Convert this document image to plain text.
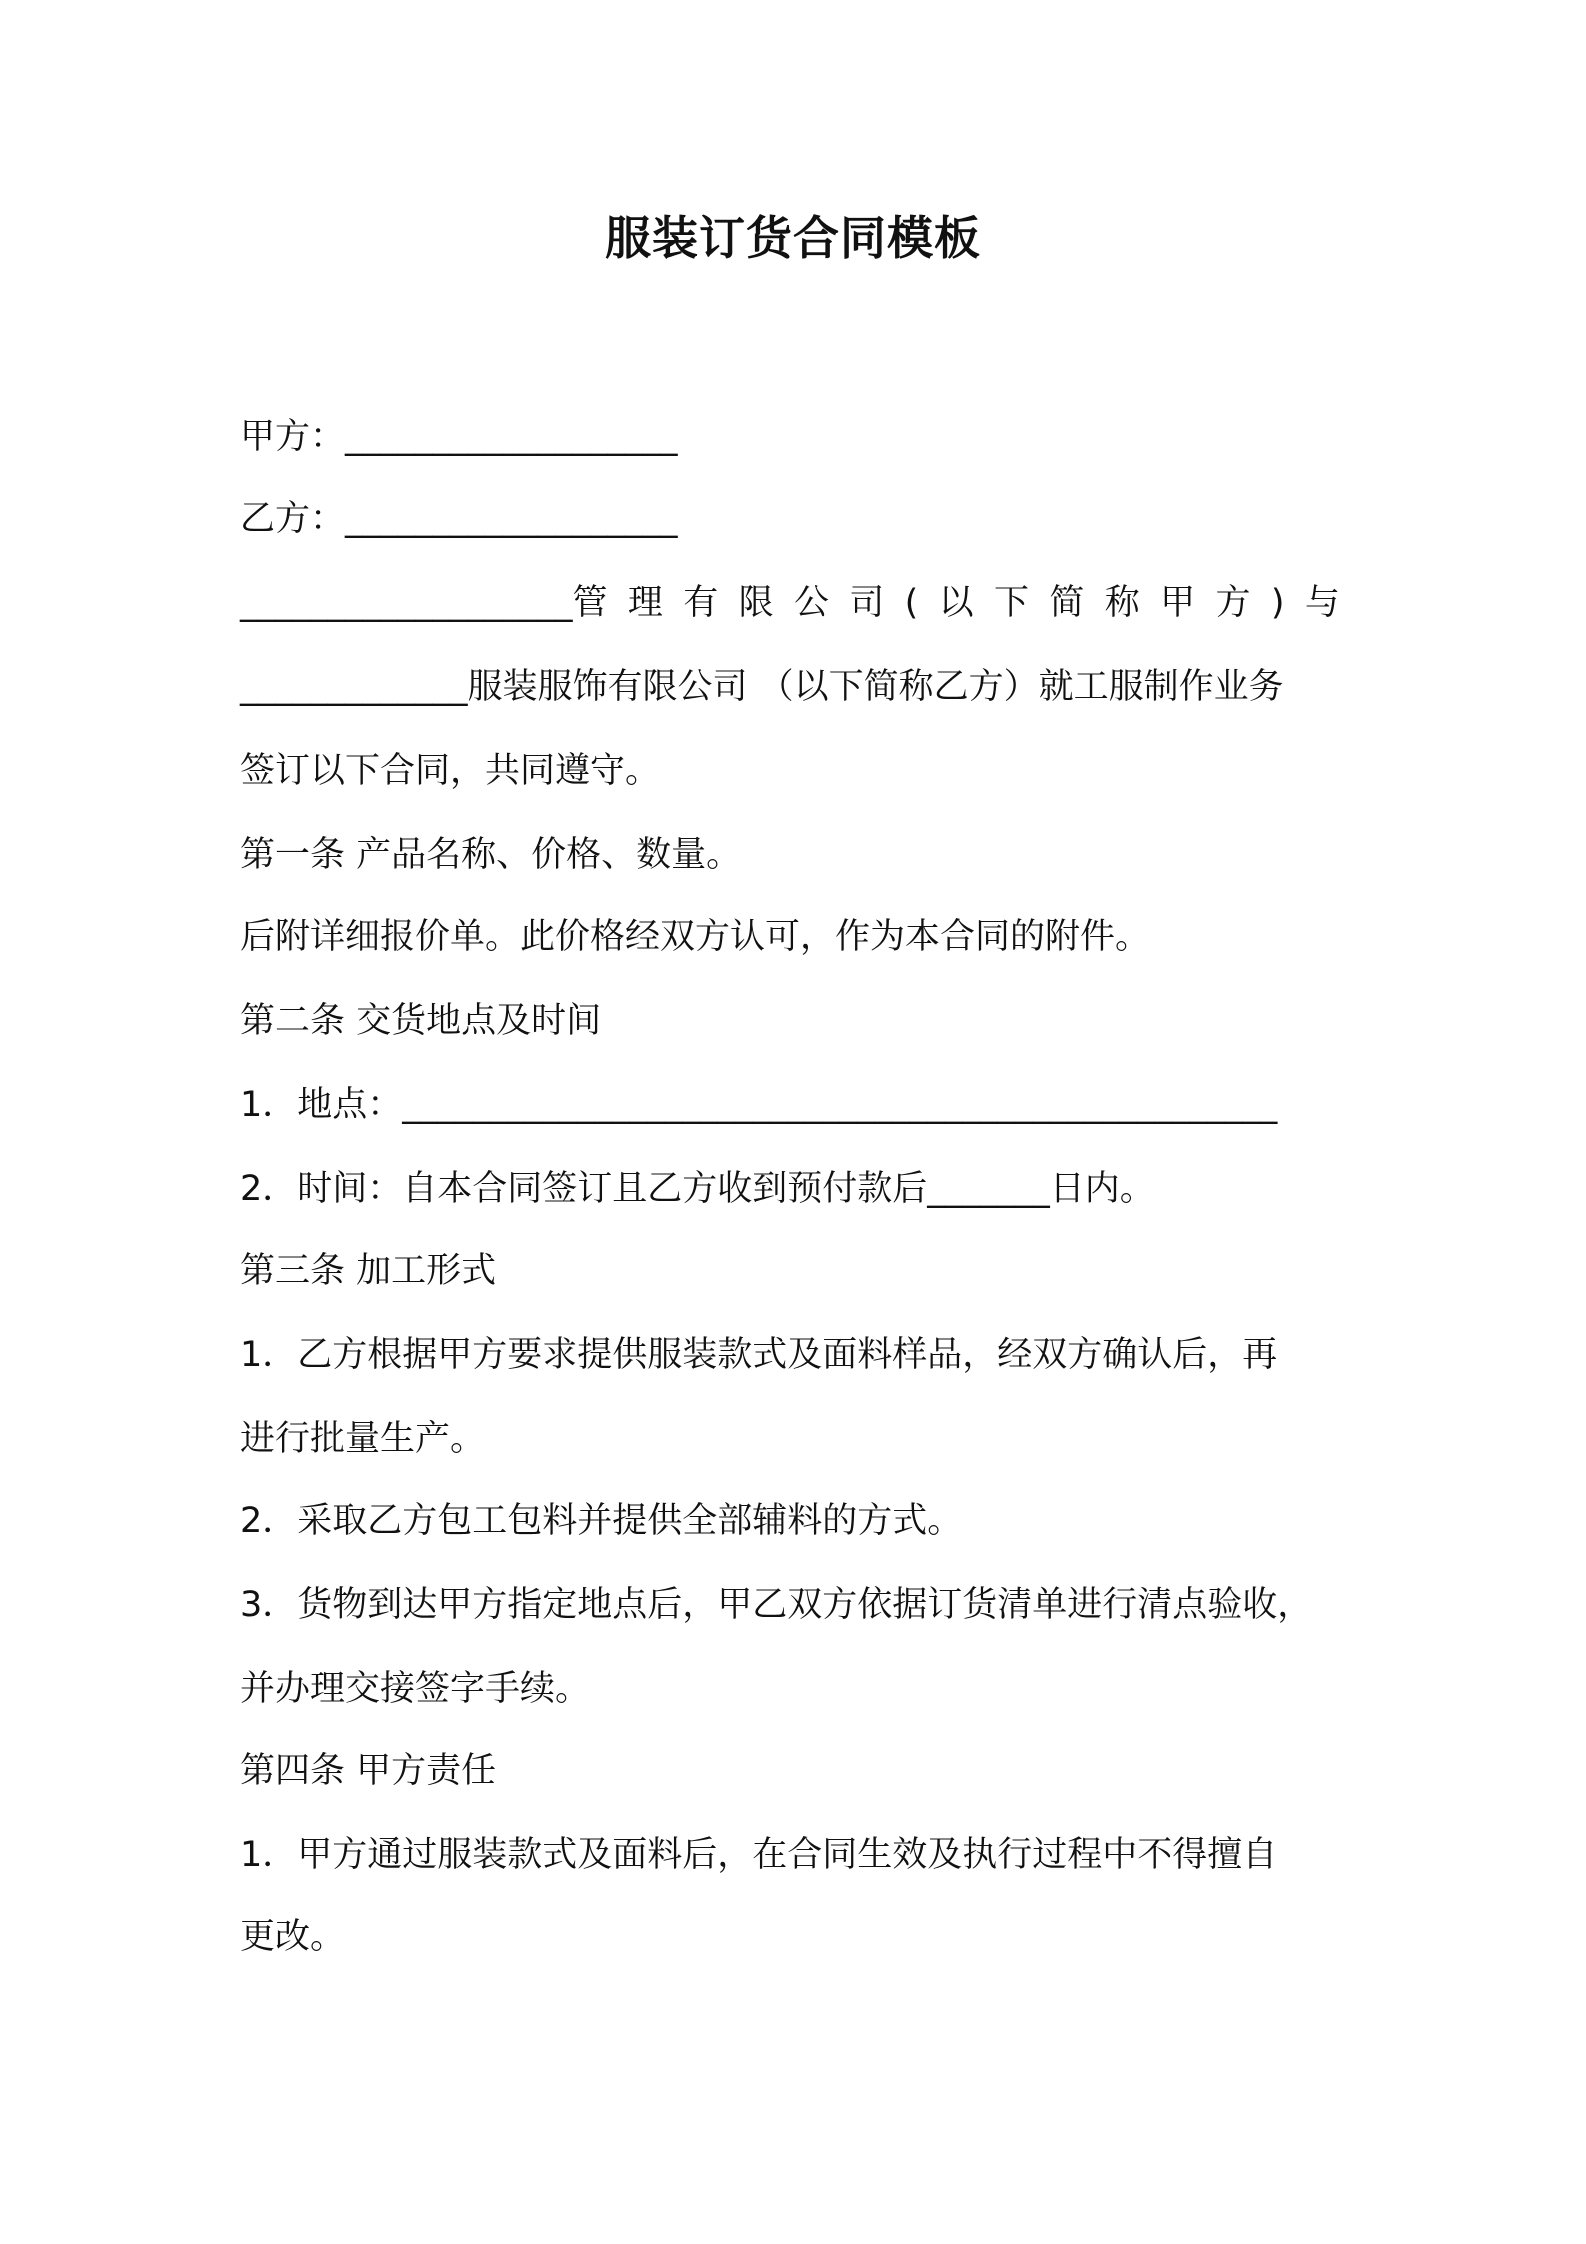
服装订货合同模板
甲方：___________________
乙方：___________________
___________________管 理 有 限 公 司 ( 以 下 简 称 甲 方 ) 与
_____________服装服饰有限公司 （以下简称乙方）就工服制作业务
签订以下合同，共同遵守。
第一条 产品名称、价格、数量。
后附详细报价单。此价格经双方认可，作为本合同的附件。
第二条 交货地点及时间
1．地点：__________________________________________________
2．时间：自本合同签订且乙方收到预付款后_______日内。
第三条 加工形式
1．乙方根据甲方要求提供服装款式及面料样品，经双方确认后，再
进行批量生产。
2．采取乙方包工包料并提供全部辅料的方式。
3．货物到达甲方指定地点后，甲乙双方依据订货清单进行清点验收，
并办理交接签字手续。
第四条 甲方责任
1．甲方通过服装款式及面料后，在合同生效及执行过程中不得擅自
更改。
